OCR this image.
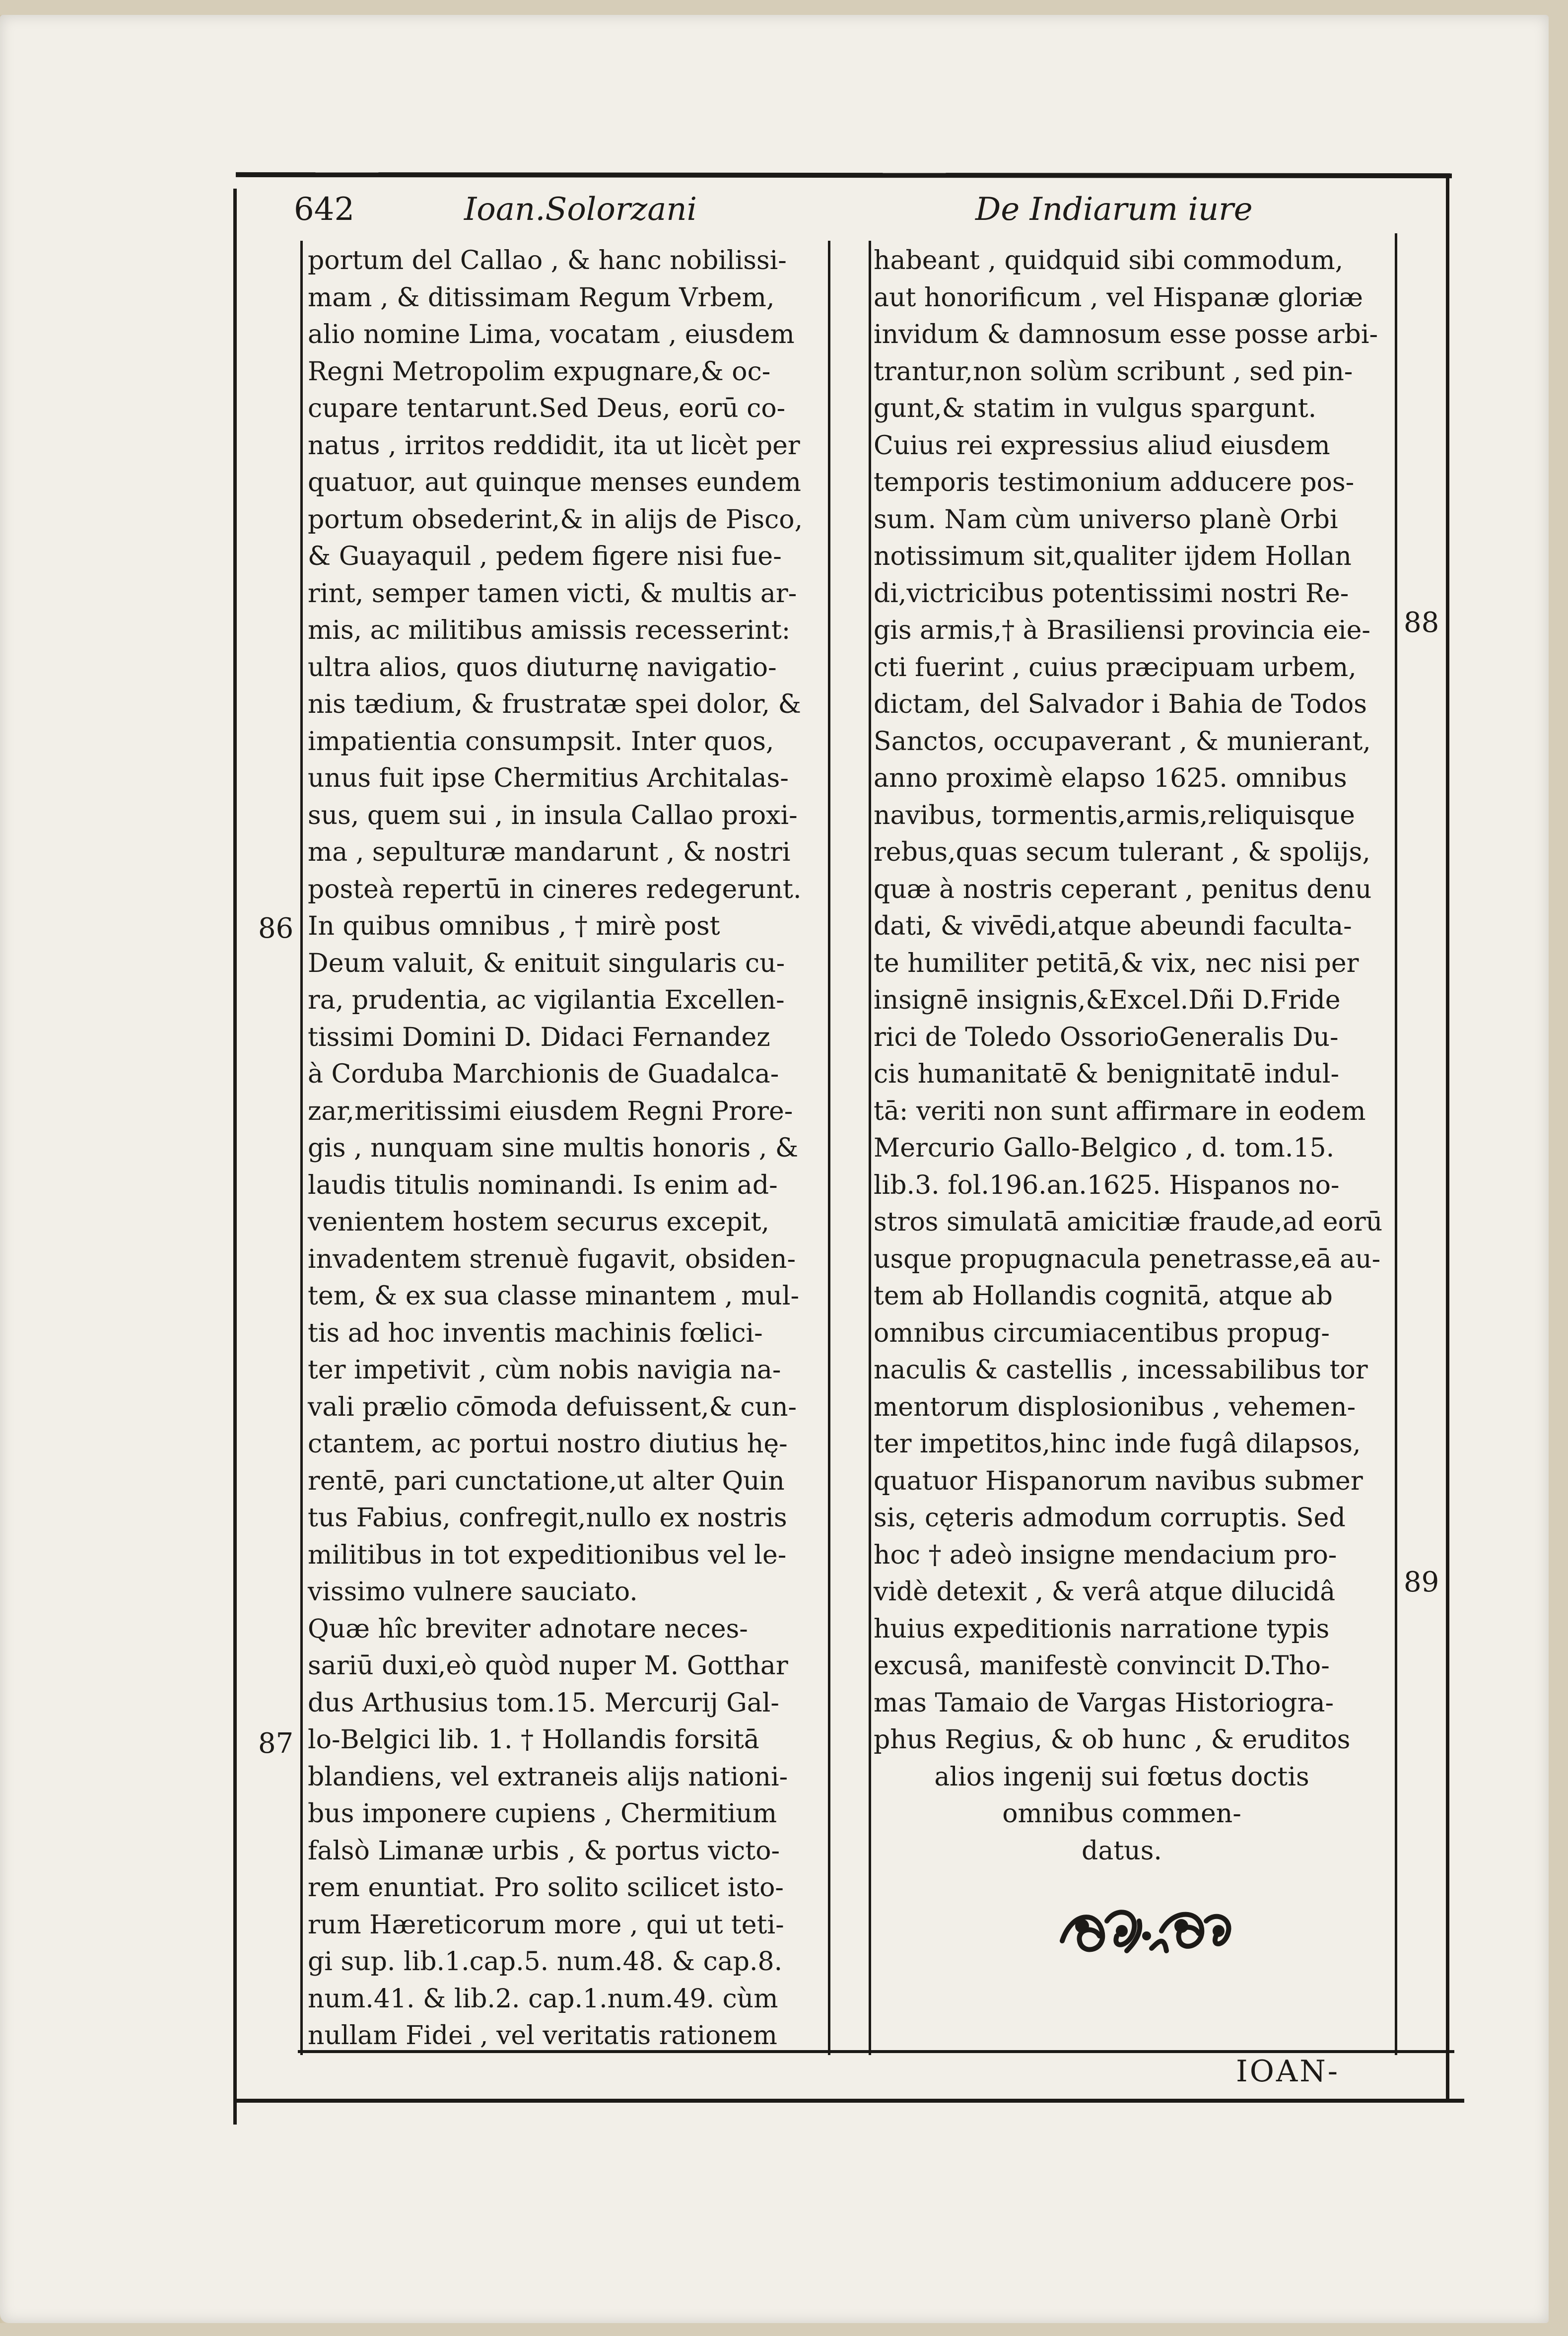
642	Ioan.Solorzani	De Indiarum iure
portum del Callao , & hanc nobilissi-
mam , & ditissimam Regum Vrbem,
alio nomine Lima, vocatam , eiusdem
Regni Metropolim expugnare,& oc-
cupare tentarunt.Sed Deus, eorū co-
natus , irritos reddidit, ita ut licèt per
quatuor, aut quinque menses eundem
portum obsederint,& in alijs de Pisco,
& Guayaquil , pedem figere nisi fue-
rint, semper tamen victi, & multis ar-
mis, ac militibus amissis recesserint:
ultra alios, quos diuturnę navigatio-
nis tædium, & frustratæ spei dolor, &
impatientia consumpsit. Inter quos,
unus fuit ipse Chermitius Architalas-
sus, quem sui , in insula Callao proxi-
ma , sepulturæ mandarunt , & nostri
posteà repertū in cineres redegerunt.
In quibus omnibus , † mirè post
Deum valuit, & enituit singularis cu-
ra, prudentia, ac vigilantia Excellen-
tissimi Domini D. Didaci Fernandez
à Corduba Marchionis de Guadalca-
zar,meritissimi eiusdem Regni Prore-
gis , nunquam sine multis honoris , &
laudis titulis nominandi. Is enim ad-
venientem hostem securus excepit,
invadentem strenuè fugavit, obsiden-
tem, & ex sua classe minantem , mul-
tis ad hoc inventis machinis fœlici-
ter impetivit , cùm nobis navigia na-
vali prælio cōmoda defuissent,& cun-
ctantem, ac portui nostro diutius hę-
rentē, pari cunctatione,ut alter Quin
tus Fabius, confregit,nullo ex nostris
militibus in tot expeditionibus vel le-
vissimo vulnere sauciato.
Quæ hîc breviter adnotare neces-
sariū duxi,eò quòd nuper M. Gotthar
dus Arthusius tom.15. Mercurij Gal-
lo-Belgici lib. 1. † Hollandis forsitā
blandiens, vel extraneis alijs nationi-
bus imponere cupiens , Chermitium
falsò Limanæ urbis , & portus victo-
rem enuntiat. Pro solito scilicet isto-
rum Hæreticorum more , qui ut teti-
gi sup. lib.1.cap.5. num.48. & cap.8.
num.41. & lib.2. cap.1.num.49. cùm
nullam Fidei , vel veritatis rationem
habeant , quidquid sibi commodum,
aut honorificum , vel Hispanæ gloriæ
invidum & damnosum esse posse arbi-
trantur,non solùm scribunt , sed pin-
gunt,& statim in vulgus spargunt.
Cuius rei expressius aliud eiusdem
temporis testimonium adducere pos-
sum. Nam cùm universo planè Orbi
notissimum sit,qualiter ijdem Hollan
di,victricibus potentissimi nostri Re-
gis armis,† à Brasiliensi provincia eie-
cti fuerint , cuius præcipuam urbem,
dictam, del Salvador i Bahia de Todos
Sanctos, occupaverant , & munierant,
anno proximè elapso 1625. omnibus
navibus, tormentis,armis,reliquisque
rebus,quas secum tulerant , & spolijs,
quæ à nostris ceperant , penitus denu
dati, & vivēdi,atque abeundi faculta-
te humiliter petitā,& vix, nec nisi per
insignē insignis,&Excel.Dñi D.Fride
rici de Toledo OssorioGeneralis Du-
cis humanitatē & benignitatē indul-
tā: veriti non sunt affirmare in eodem
Mercurio Gallo-Belgico , d. tom.15.
lib.3. fol.196.an.1625. Hispanos no-
stros simulatā amicitiæ fraude,ad eorū
usque propugnacula penetrasse,eā au-
tem ab Hollandis cognitā, atque ab
omnibus circumiacentibus propug-
naculis & castellis , incessabilibus tor
mentorum displosionibus , vehemen-
ter impetitos,hinc inde fugâ dilapsos,
quatuor Hispanorum navibus submer
sis, cęteris admodum corruptis. Sed
hoc † adeò insigne mendacium pro-
vidè detexit , & verâ atque dilucidâ
huius expeditionis narratione typis
excusâ, manifestè convincit D.Tho-
mas Tamaio de Vargas Historiogra-
phus Regius, & ob hunc , & eruditos
alios ingenij sui fœtus doctis
omnibus commen-
datus.
86
87
88
89
IOAN-
